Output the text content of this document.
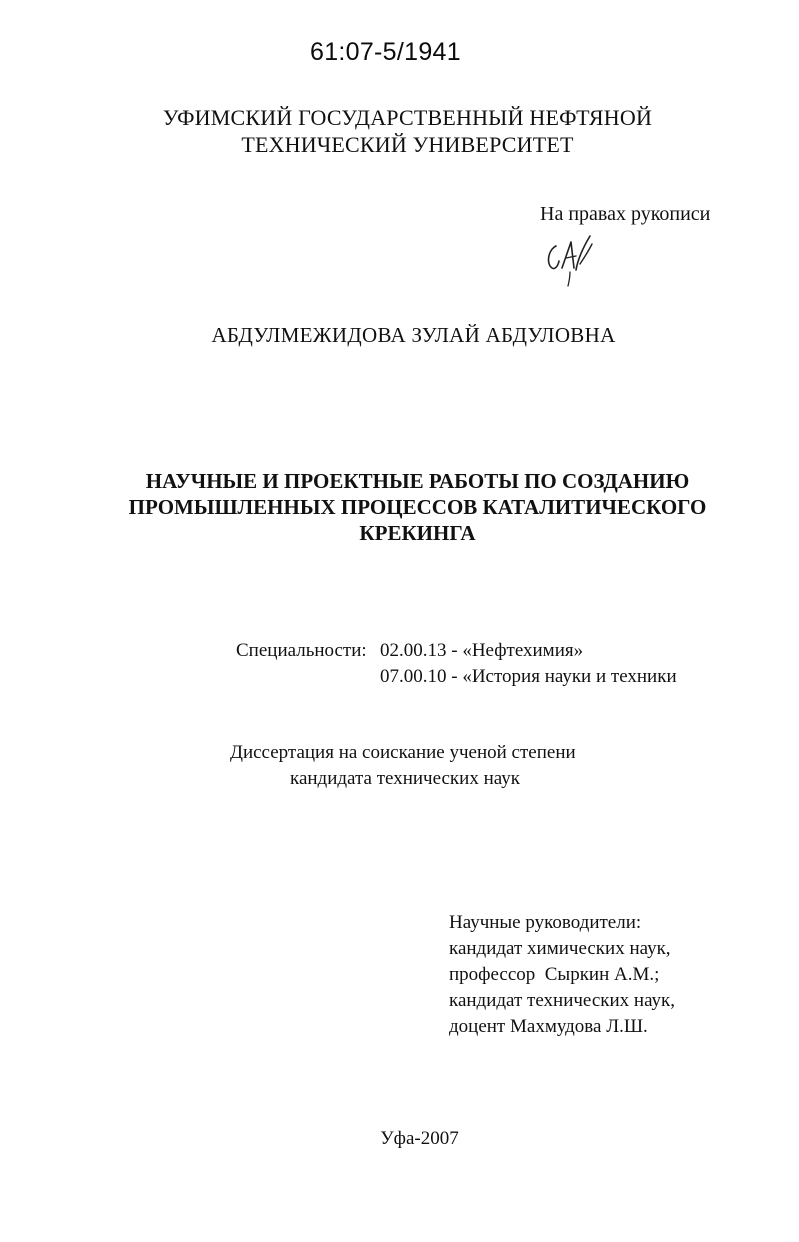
61:07-5/1941
УФИМСКИЙ ГОСУДАРСТВЕННЫЙ НЕФТЯНОЙ
ТЕХНИЧЕСКИЙ УНИВЕРСИТЕТ
На правах рукописи
АБДУЛМЕЖИДОВА ЗУЛАЙ АБДУЛОВНА
НАУЧНЫЕ И ПРОЕКТНЫЕ РАБОТЫ ПО СОЗДАНИЮ
ПРОМЫШЛЕННЫХ ПРОЦЕССОВ КАТАЛИТИЧЕСКОГО
КРЕКИНГА
Специальности: 02.00.13 - «Нефтехимия»
07.00.10 - «История науки и техники
Диссертация на соискание ученой степени
кандидата технических наук
Научные руководители:
кандидат химических наук,
профессор  Сыркин А.М.;
кандидат технических наук,
доцент Махмудова Л.Ш.
Уфа-2007
